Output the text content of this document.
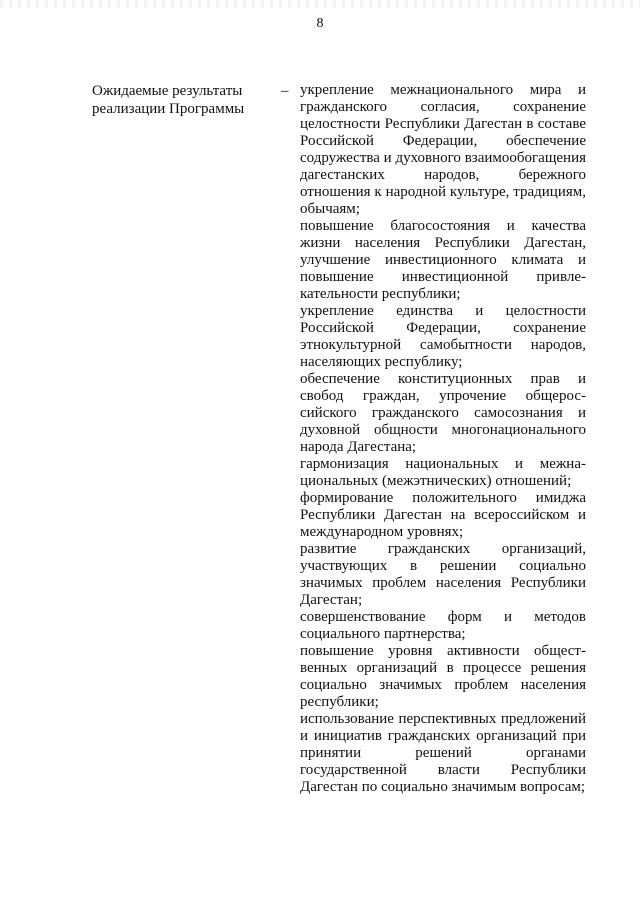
8
Ожидаемые результаты реализации Программы
– укрепление межнационального мира и гражданского согласия, сохранение целостности Республики Дагестан в составе Российской Федерации, обеспечение содружества и духовного взаимообогащения дагестанских народов, бережного отношения к народной культуре, традициям, обычаям;

повышение благосостояния и качества жизни населения Республики Дагестан, улучшение инвестиционного климата и повышение инвестиционной привлекательности республики;

укрепление единства и целостности Российской Федерации, сохранение этнокультурной самобытности народов, населяющих республику;

обеспечение конституционных прав и свобод граждан, упрочение общероссийского гражданского самосознания и духовной общности многонационального народа Дагестана;

гармонизация национальных и межнациональных (межэтнических) отношений;

формирование положительного имиджа Республики Дагестан на всероссийском и международном уровнях;

развитие гражданских организаций, участвующих в решении социально значимых проблем населения Республики Дагестан;

совершенствование форм и методов социального партнерства;

повышение уровня активности общественных организаций в процессе решения социально значимых проблем населения республики;

использование перспективных предложений и инициатив гражданских организаций при принятии решений органами государственной власти Республики Дагестан по социально значимым вопросам;
